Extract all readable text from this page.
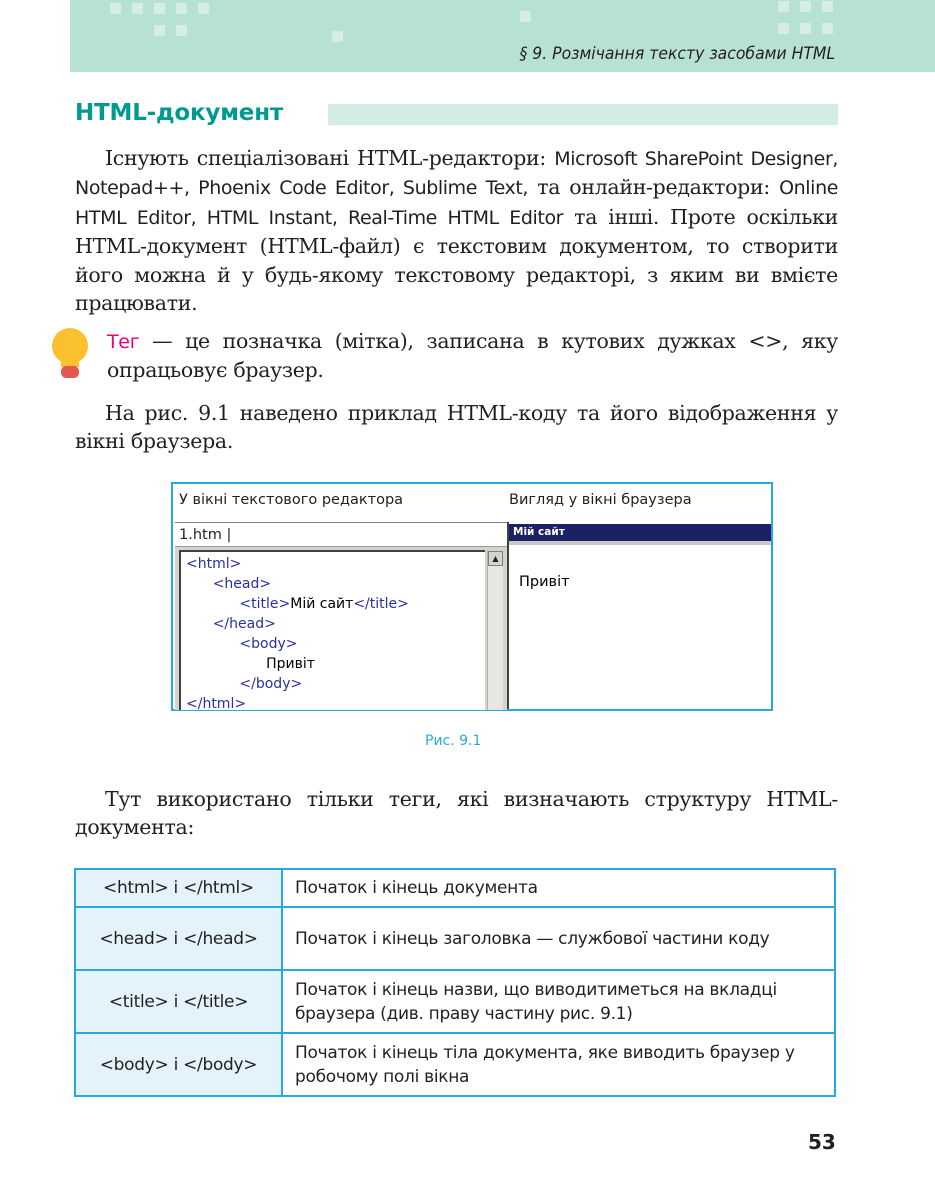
§ 9. Розмічання тексту засобами HTML
HTML-документ

Існують спеціалізовані HTML-редактори: Microsoft SharePoint Designer, Notepad++, Phoenix Code Editor, Sublime Text, та онлайн-редактори: Online HTML Editor, HTML Instant, Real-Time HTML Editor та інші. Проте оскільки HTML-документ (HTML-файл) є текстовим документом, то створити його можна й у будь-якому текстовому редакторі, з яким ви вмієте працювати.

Тег — це позначка (мітка), записана в кутових дужках <>, яку опрацьовує браузер.

На рис. 9.1 наведено приклад HTML-коду та його відображення у вікні браузера.

У вікні текстового редактора	Вигляд у вікні браузера
1.htm |
<html>
<head>
<title>Мій сайт</title>
</head>
<body>
Привіт
</body>
</html>
▲
Мій сайт
Привіт
Рис. 9.1

Тут використано тільки теги, які визначають структуру HTML-документа:

<html> і </html>	Початок і кінець документа
<head> і </head>	Початок і кінець заголовка — службової частини коду
<title> і </title>	Початок і кінець назви, що виводитиметься на вкладці браузера (див. праву частину рис. 9.1)
<body> і </body>	Початок і кінець тіла документа, яке виводить браузер у робочому полі вікна
53
